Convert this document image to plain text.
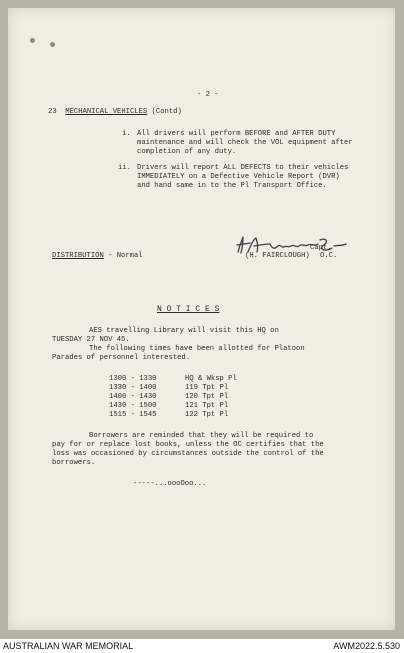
- 2 -
23 MECHANICAL VEHICLES (Contd)
i. All drivers will perform BEFORE and AFTER DUTY
maintenance and will check the VOL equipment after
completion of any duty.
ii. Drivers will report ALL DEFECTS to their vehicles
IMMEDIATELY on a Defective Vehicle Report (DVR)
and hand same in to the Pl Transport Office.
Capt.
DISTRIBUTION - Normal	(H. FAIRCLOUGH) O.C.
N O T I C E S
AES travelling Library will visit this HQ on
TUESDAY 27 NOV 45.
The following times have been allotted for Platoon
Parades of personnel interested.
1300 - 1330	HQ & Wksp Pl
1330 - 1400	119 Tpt Pl
1400 - 1430	120 Tpt Pl
1430 - 1500	121 Tpt Pl
1515 - 1545	122 Tpt Pl
Borrowers are reminded that they will be required to
pay for or replace lost books, unless the OC certifies that the
loss was occasioned by circumstances outside the control of the
borrowers.
-----...oooOoo...
AUSTRALIAN WAR MEMORIAL	AWM2022.5.530
